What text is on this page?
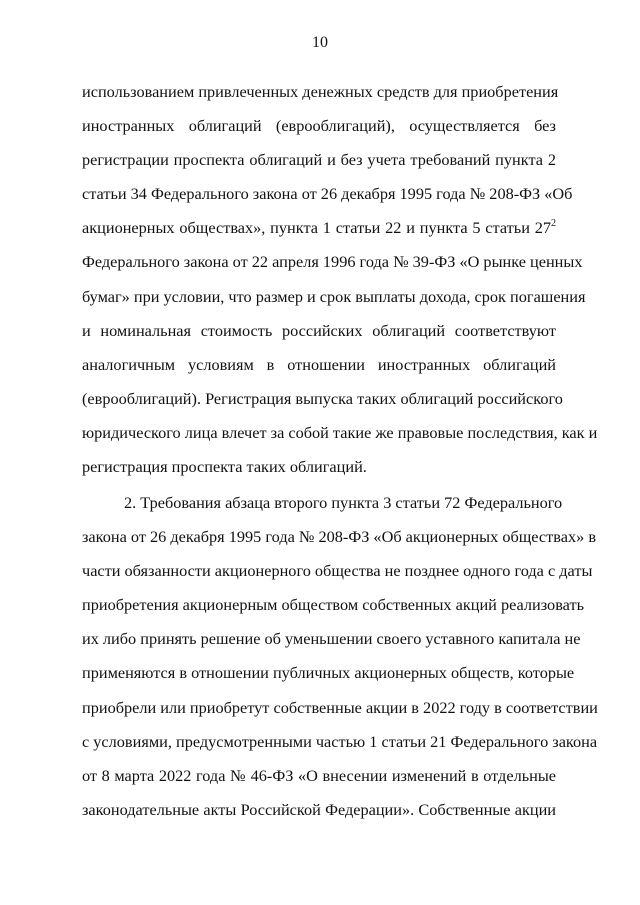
10
использованием привлеченных денежных средств для приобретения
иностранных облигаций (еврооблигаций), осуществляется без
регистрации проспекта облигаций и без учета требований пункта 2
статьи 34 Федерального закона от 26 декабря 1995 года № 208-ФЗ «Об
акционерных обществах», пункта 1 статьи 22 и пункта 5 статьи $27^2$
Федерального закона от 22 апреля 1996 года № 39-ФЗ «О рынке ценных
бумаг» при условии, что размер и срок выплаты дохода, срок погашения
и номинальная стоимость российских облигаций соответствуют
аналогичным условиям в отношении иностранных облигаций
(еврооблигаций). Регистрация выпуска таких облигаций российского
юридического лица влечет за собой такие же правовые последствия, как и
регистрация проспекта таких облигаций.
2. Требования абзаца второго пункта 3 статьи 72 Федерального
закона от 26 декабря 1995 года № 208-ФЗ «Об акционерных обществах» в
части обязанности акционерного общества не позднее одного года с даты
приобретения акционерным обществом собственных акций реализовать
их либо принять решение об уменьшении своего уставного капитала не
применяются в отношении публичных акционерных обществ, которые
приобрели или приобретут собственные акции в 2022 году в соответствии
с условиями, предусмотренными частью 1 статьи 21 Федерального закона
от 8 марта 2022 года № 46-ФЗ «О внесении изменений в отдельные
законодательные акты Российской Федерации». Собственные акции
